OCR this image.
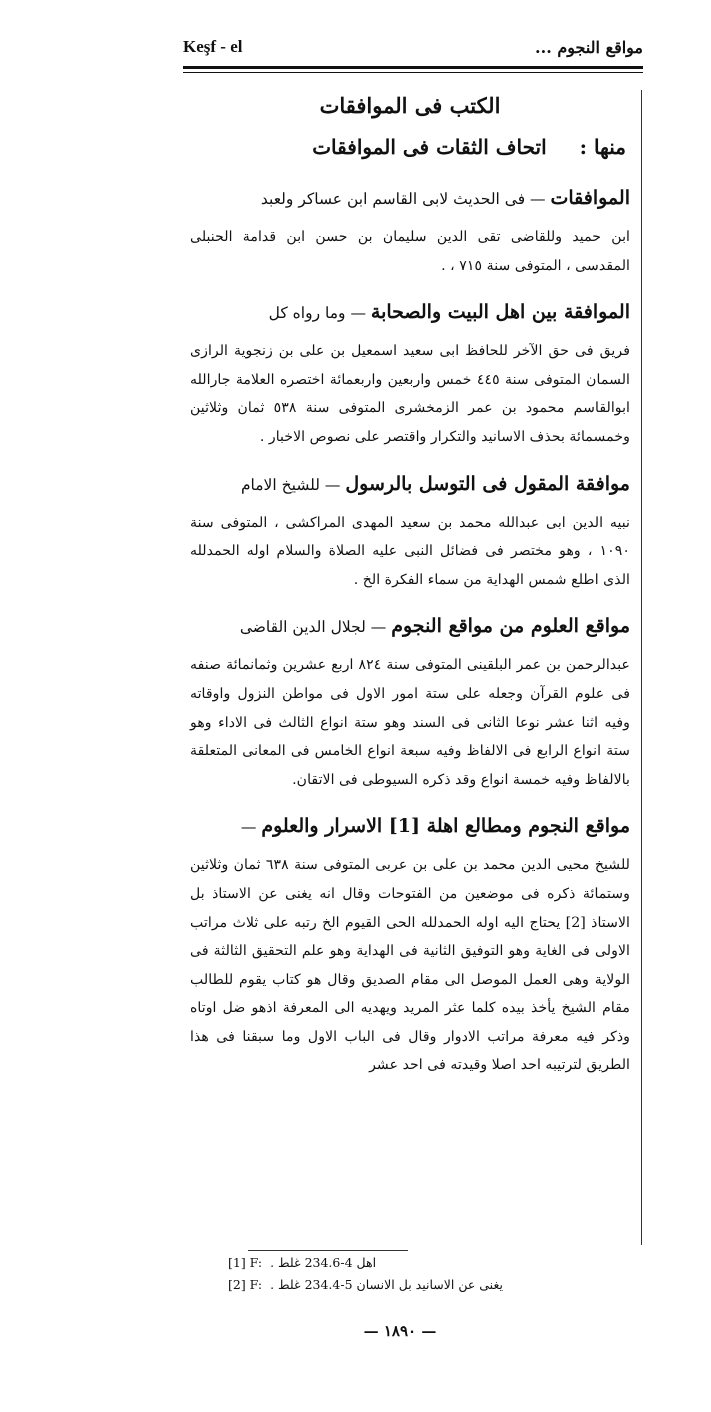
Keşf - el	مواقع النجوم ...
الكتب فى الموافقات
منها : اتحاف الثقات فى الموافقات
الموافقات — فى الحديث لابى القاسم ابن عساكر ولعبد
ابن حميد وللقاضى تقى الدين سليمان بن حسن ابن قدامة الحنبلى المقدسى ، المتوفى سنة ٧١٥ ، .
الموافقة بين اهل البيت والصحابة — وما رواه كل
فريق فى حق الآخر للحافظ ابى سعيد اسمعيل بن على بن زنجوية الرازى السمان المتوفى سنة ٤٤٥ خمس واربعين واربعمائة اختصره العلامة جارالله ابوالقاسم محمود بن عمر الزمخشرى المتوفى سنة ٥٣٨ ثمان وثلاثين وخمسمائة بحذف الاسانيد والتكرار واقتصر على نصوص الاخبار .
موافقة المقول فى التوسل بالرسول — للشيخ الامام
نبيه الدين ابى عبدالله محمد بن سعيد المهدى المراكشى ، المتوفى سنة ١٠٩٠ ، وهو مختصر فى فضائل النبى عليه الصلاة والسلام اوله الحمدلله الذى اطلع شمس الهداية من سماء الفكرة الخ .
مواقع العلوم من مواقع النجوم — لجلال الدين القاضى
عبدالرحمن بن عمر البلقينى المتوفى سنة ٨٢٤ اربع عشرين وثمانمائة صنفه فى علوم القرآن وجعله على ستة امور الاول فى مواطن النزول واوقاته وفيه اثنا عشر نوعا الثانى فى السند وهو ستة انواع الثالث فى الاداء وهو ستة انواع الرابع فى الالفاظ وفيه سبعة انواع الخامس فى المعانى المتعلقة بالالفاظ وفيه خمسة انواع وقد ذكره السيوطى فى الاتقان.
مواقع النجوم ومطالع اهلة [1] الاسرار والعلوم —
للشيخ محيى الدين محمد بن على بن عربى المتوفى سنة ٦٣٨ ثمان وثلاثين وستمائة ذكره فى موضعين من الفتوحات وقال انه يغنى عن الاستاذ بل الاستاذ [2] يحتاج اليه اوله الحمدلله الحى القيوم الخ رتبه على ثلاث مراتب الاولى فى الغاية وهو التوفيق الثانية فى الهداية وهو علم التحقيق الثالثة فى الولاية وهى العمل الموصل الى مقام الصديق وقال هو كتاب يقوم للطالب مقام الشيخ يأخذ بيده كلما عثر المريد ويهديه الى المعرفة اذهو ضل اوتاه وذكر فيه معرفة مراتب الادوار وقال فى الباب الاول وما سبقنا فى هذا الطريق لترتيبه احد اصلا وقيدته فى احد عشر
[1] F: اهل 4-234.6 غلط .
[2] F: يغنى عن الاسانيد بل الانسان 5-234.4 غلط .
— ١٨٩٠ —
